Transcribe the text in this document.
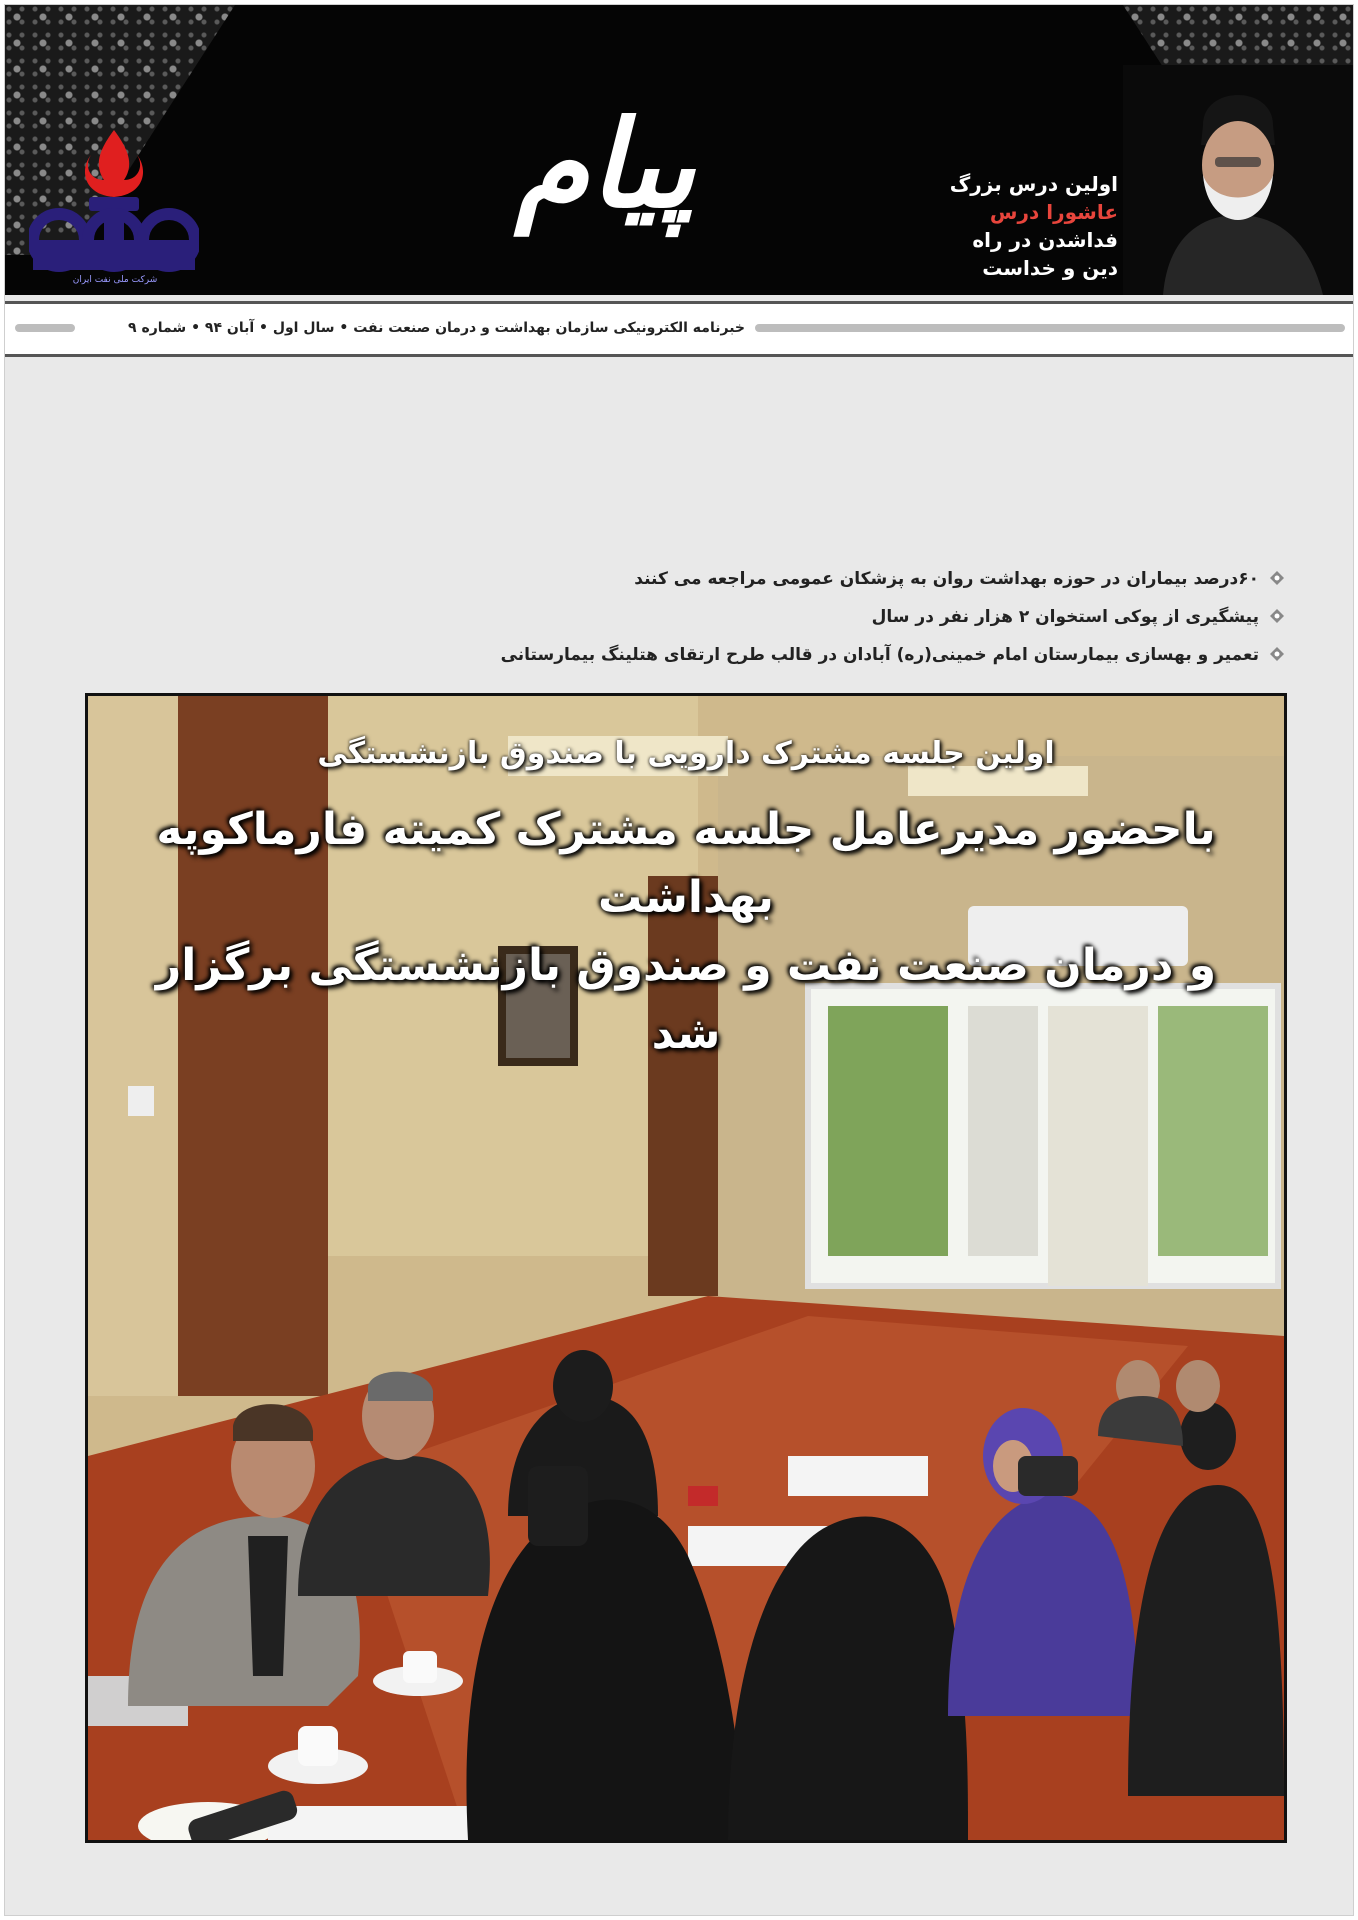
شرکت ملی نفت ایران
پیام	اولین درس بزرگ
عاشورا درس
فداشدن در راه
دین و خداست
خبرنامه الکترونیکی سازمان بهداشت و درمان صنعت نفت • سال اول • آبان ۹۴ • شماره ۹
۶۰درصد بیماران در حوزه بهداشت روان به پزشکان عمومی مراجعه می کنند
پیشگیری از پوکی استخوان ۲ هزار نفر در سال
تعمیر و بهسازی بیمارستان امام خمینی(ره) آبادان در قالب طرح ارتقای هتلینگ بیمارستانی
اولین جلسه مشترک دارویی با صندوق بازنشستگی
باحضور مدیرعامل جلسه مشترک کمیته فارماکوپه بهداشت
و درمان صنعت نفت و صندوق بازنشستگی برگزار شد
